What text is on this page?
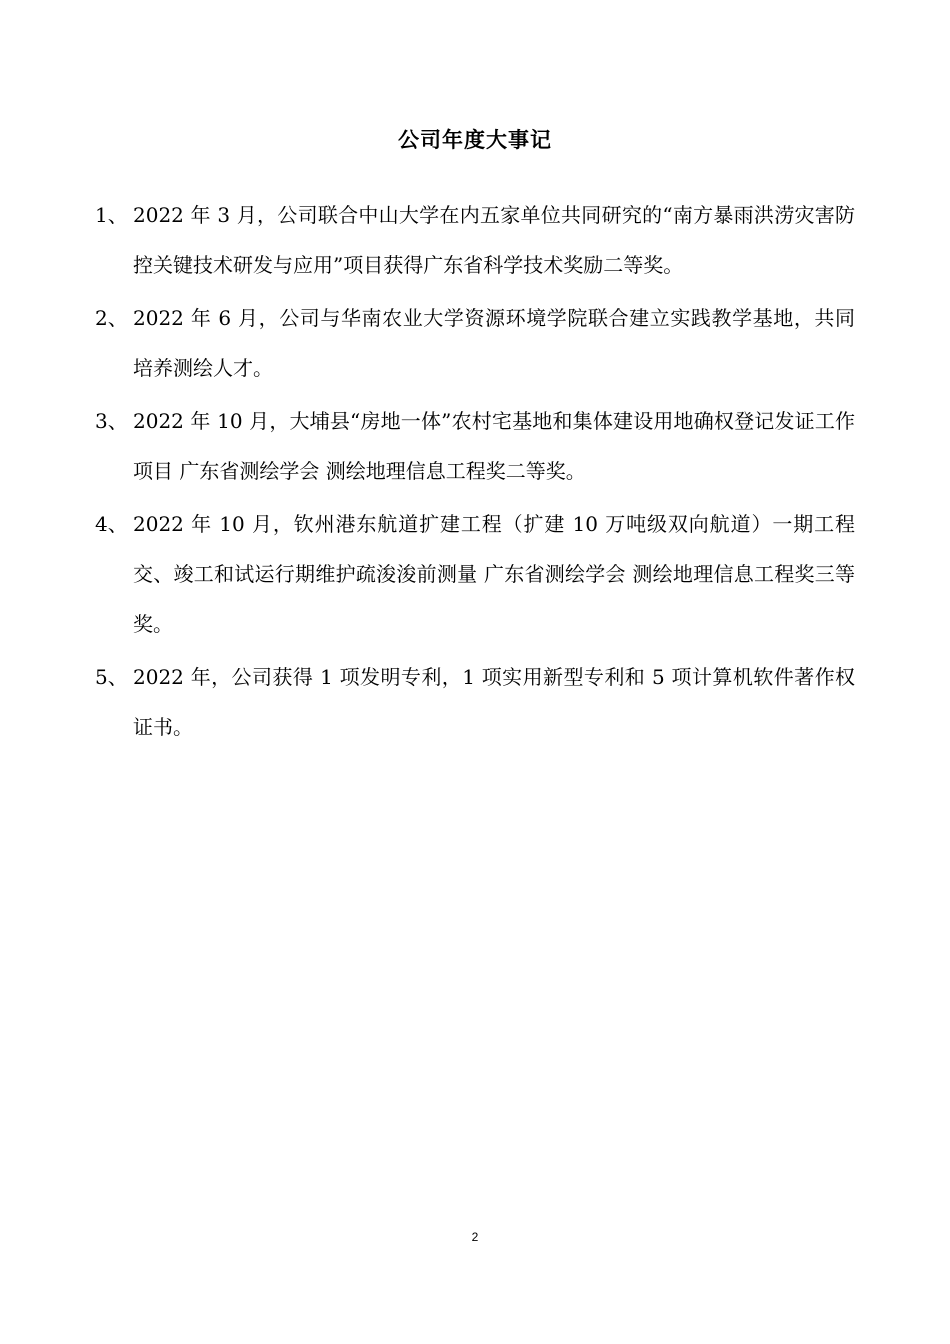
公司年度大事记
1、 2022 年 3 月，公司联合中山大学在内五家单位共同研究的“南方暴雨洪涝灾害防控关键技术研发与应用”项目获得广东省科学技术奖励二等奖。
2、 2022 年 6 月，公司与华南农业大学资源环境学院联合建立实践教学基地，共同培养测绘人才。
3、 2022 年 10 月，大埔县“房地一体”农村宅基地和集体建设用地确权登记发证工作项目 广东省测绘学会 测绘地理信息工程奖二等奖。
4、 2022 年 10 月，钦州港东航道扩建工程（扩建 10 万吨级双向航道）一期工程交、竣工和试运行期维护疏浚浚前测量 广东省测绘学会 测绘地理信息工程奖三等奖。
5、 2022 年，公司获得 1 项发明专利，1 项实用新型专利和 5 项计算机软件著作权证书。
2
